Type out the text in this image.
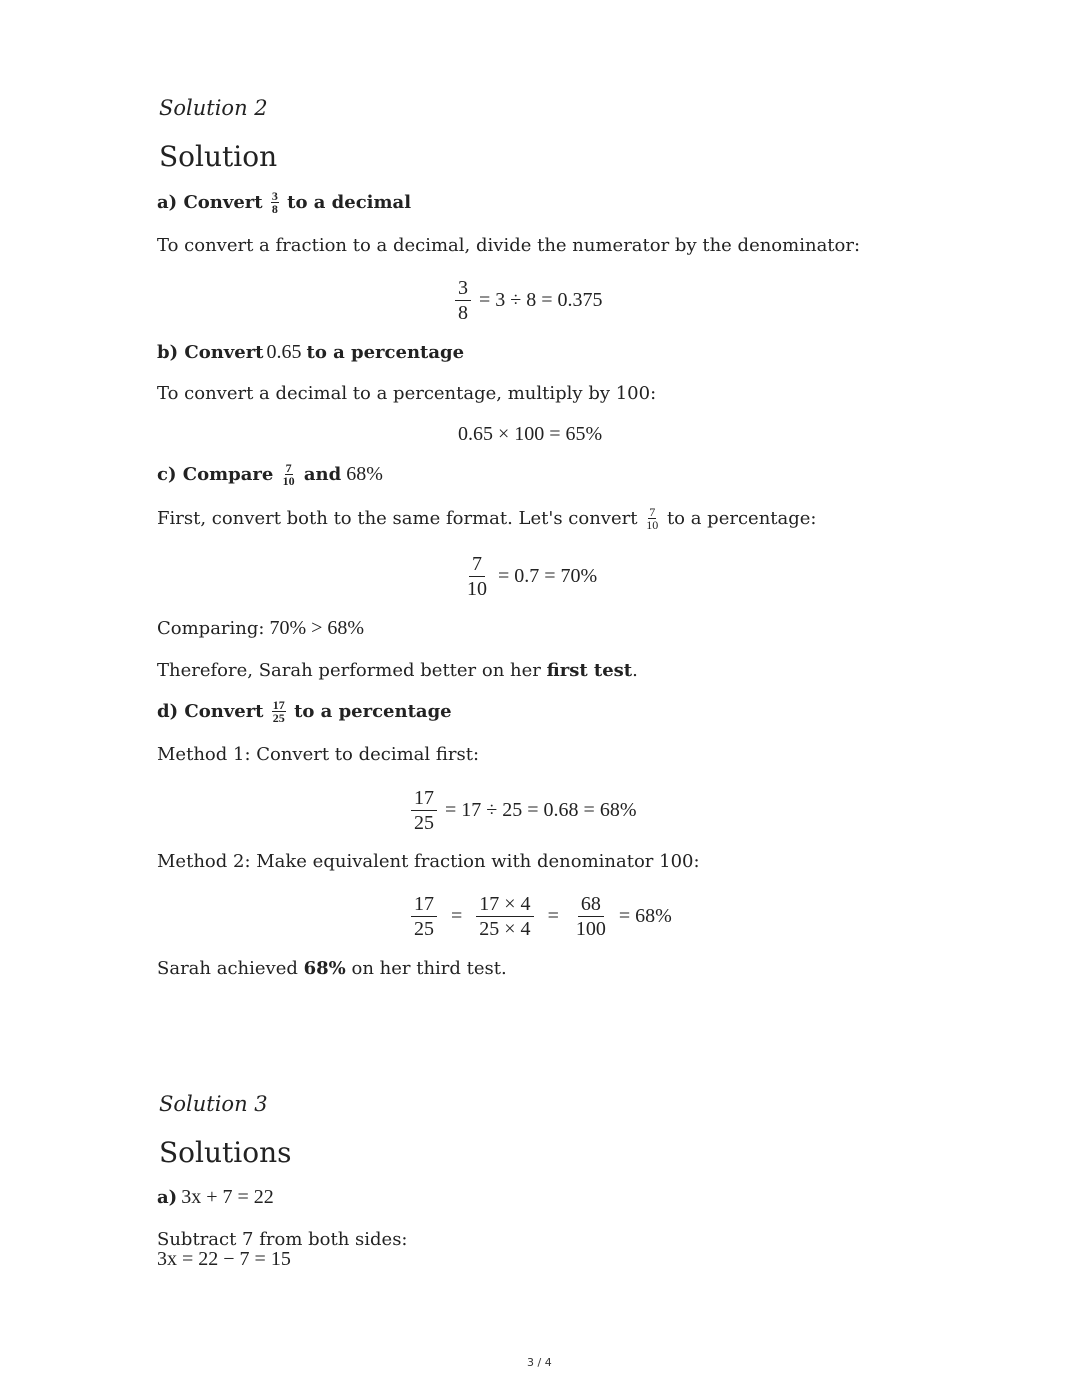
Solution 2
Solution
a) Convert
$\frac{3}{8}$
to a decimal
To convert a fraction to a decimal, divide the numerator by the denominator:
$\frac{3}{8} = 3 \div 8 = 0.375$
b) Convert 0.65 to a percentage
To convert a decimal to a percentage, multiply by 100:
0.65 × 100 = 65%
c) Compare
$\frac{7}{10}$
and 68%
First, convert both to the same format. Let's convert
$\frac{7}{10}$
to a percentage:
$\frac{7}{10} = 0.7 = 70\%$
Comparing: 70% > 68%
Therefore, Sarah performed better on her
first test .
d) Convert
$\frac{17}{25}$
to a percentage
Method 1: Convert to decimal first:
$\frac{17}{25} = 17 \div 25 = 0.68 = 68\%$
Method 2: Make equivalent fraction with denominator 100:
$\frac{17}{25} = \frac{17 \times 4}{25 \times 4} = \frac{68}{100} = 68\%$
Sarah achieved
68%
on her third test.
Solution 3
Solutions
a) 3x + 7 = 22
Subtract 7 from both sides:
3x = 22 − 7 = 15
3 / 4
